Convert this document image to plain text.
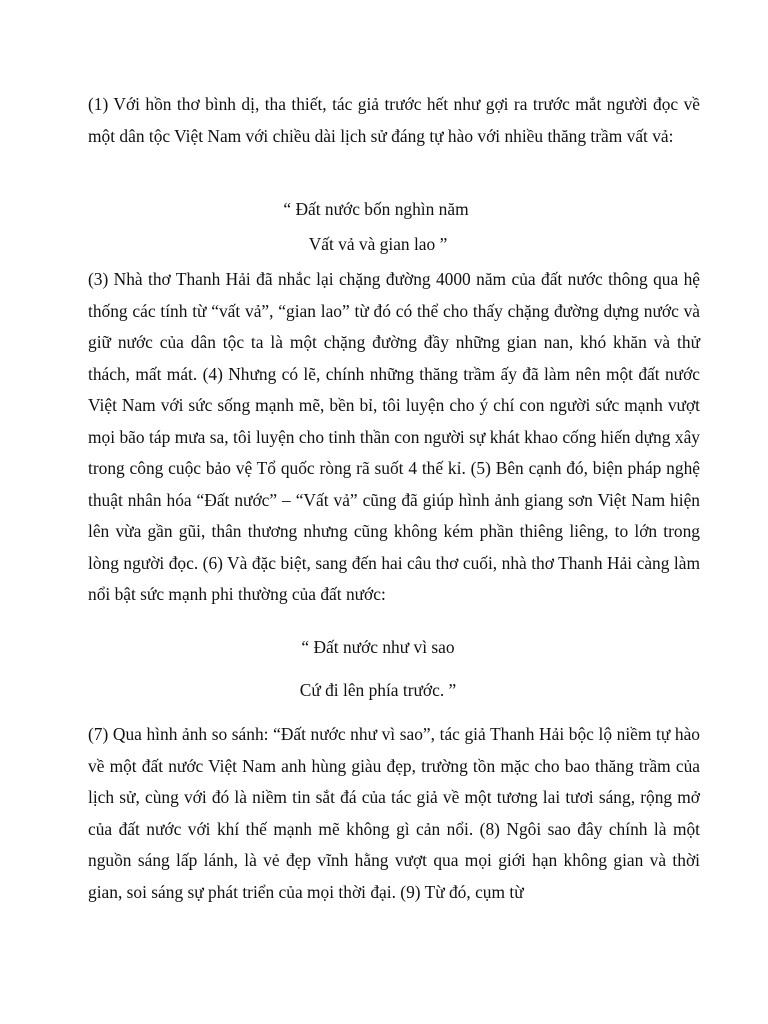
(1) Với hồn thơ bình dị, tha thiết, tác giả trước hết như gợi ra trước mắt người đọc về một dân tộc Việt Nam với chiều dài lịch sử đáng tự hào với nhiều thăng trầm vất vả:

“ Đất nước bốn nghìn năm

Vất vả và gian lao ”

(3) Nhà thơ Thanh Hải đã nhắc lại chặng đường 4000 năm của đất nước thông qua hệ thống các tính từ “vất vả”, “gian lao” từ đó có thể cho thấy chặng đường dựng nước và giữ nước của dân tộc ta là một chặng đường đầy những gian nan, khó khăn và thử thách, mất mát. (4) Nhưng có lẽ, chính những thăng trầm ấy đã làm nên một đất nước Việt Nam với sức sống mạnh mẽ, bền bỉ, tôi luyện cho ý chí con người sức mạnh vượt mọi bão táp mưa sa, tôi luyện cho tinh thần con người sự khát khao cống hiến dựng xây trong công cuộc bảo vệ Tổ quốc ròng rã suốt 4 thế kỉ. (5) Bên cạnh đó, biện pháp nghệ thuật nhân hóa “Đất nước” – “Vất vả” cũng đã giúp hình ảnh giang sơn Việt Nam hiện lên vừa gần gũi, thân thương nhưng cũng không kém phần thiêng liêng, to lớn trong lòng người đọc. (6) Và đặc biệt, sang đến hai câu thơ cuối, nhà thơ Thanh Hải càng làm nổi bật sức mạnh phi thường của đất nước:

“ Đất nước như vì sao

Cứ đi lên phía trước. ”

(7) Qua hình ảnh so sánh: “Đất nước như vì sao”, tác giả Thanh Hải bộc lộ niềm tự hào về một đất nước Việt Nam anh hùng giàu đẹp, trường tồn mặc cho bao thăng trầm của lịch sử, cùng với đó là niềm tin sắt đá của tác giả về một tương lai tươi sáng, rộng mở của đất nước với khí thế mạnh mẽ không gì cản nổi. (8) Ngôi sao đây chính là một nguồn sáng lấp lánh, là vẻ đẹp vĩnh hằng vượt qua mọi giới hạn không gian và thời gian, soi sáng sự phát triển của mọi thời đại. (9) Từ đó, cụm từ
